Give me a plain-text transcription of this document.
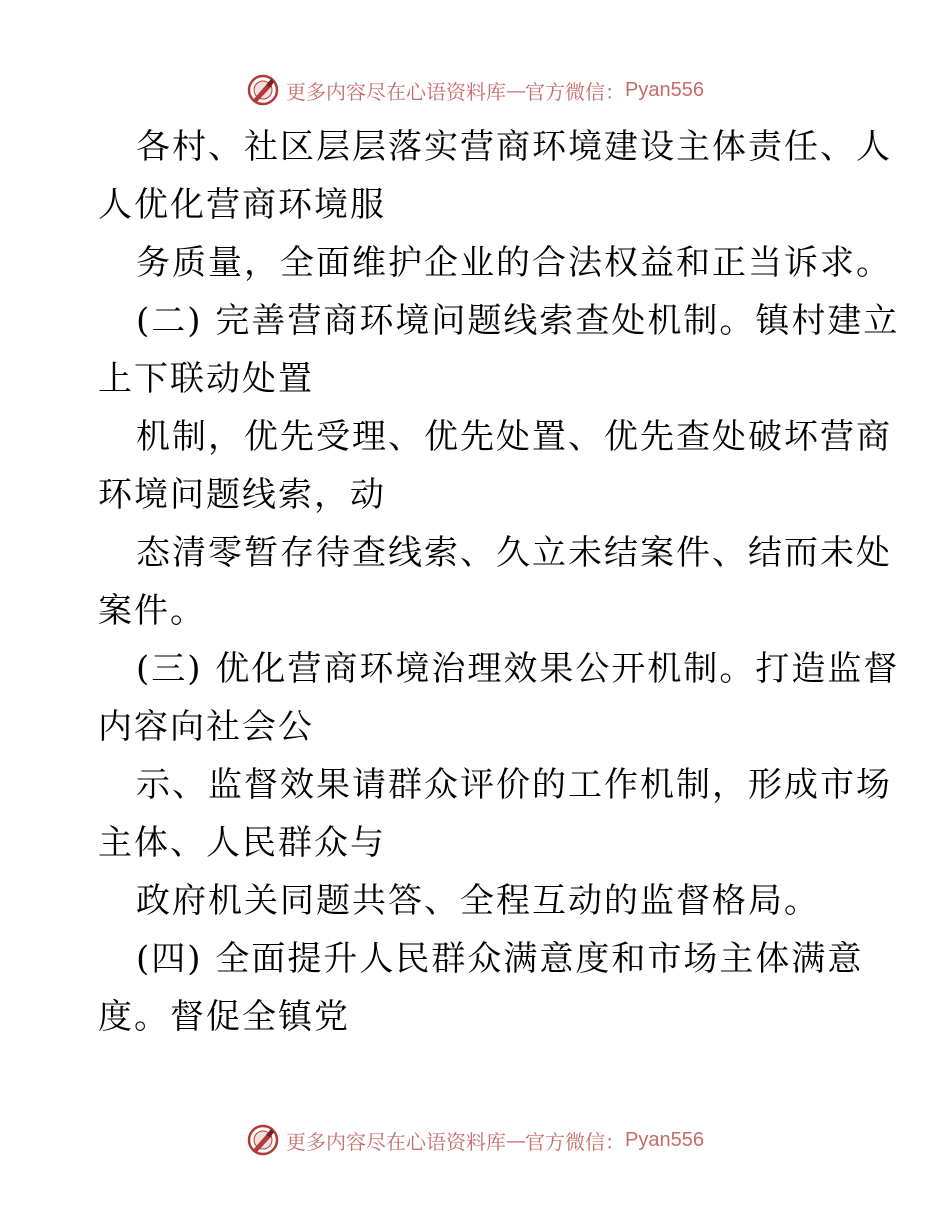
更多内容尽在心语资料库 — 官方微信： Pyan556
各村、社区层层落实营商环境建设主体责任、人
人优化营商环境服
务质量，全面维护企业的合法权益和正当诉求。
(二) 完善营商环境问题线索查处机制。镇村建立
上下联动处置
机制，优先受理、优先处置、优先查处破坏营商
环境问题线索，动
态清零暂存待查线索、久立未结案件、结而未处
案件。
(三) 优化营商环境治理效果公开机制。打造监督
内容向社会公
示、监督效果请群众评价的工作机制，形成市场
主体、人民群众与
政府机关同题共答、全程互动的监督格局。
(四) 全面提升人民群众满意度和市场主体满意
度。督促全镇党
更多内容尽在心语资料库 — 官方微信： Pyan556
